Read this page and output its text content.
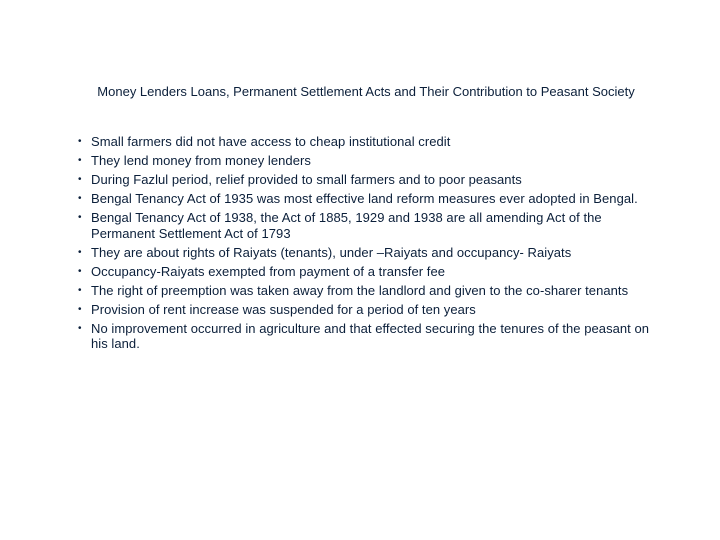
Money Lenders Loans, Permanent Settlement Acts and Their Contribution to Peasant Society
• Small farmers did not have access to cheap institutional credit
• They lend money from money lenders
• During Fazlul period, relief provided to small farmers and to poor peasants
• Bengal Tenancy Act of 1935 was most effective land reform measures ever adopted in Bengal.
• Bengal Tenancy Act of 1938, the Act of 1885, 1929 and 1938 are all amending Act of the Permanent Settlement Act of 1793
• They are about rights of Raiyats (tenants), under –Raiyats and occupancy- Raiyats
• Occupancy-Raiyats exempted from payment of a transfer fee
• The right of preemption was taken away from the landlord and given to the co-sharer tenants
• Provision of rent increase was suspended for a period of ten years
• No improvement occurred in agriculture and that effected securing the tenures of the peasant on his land.
